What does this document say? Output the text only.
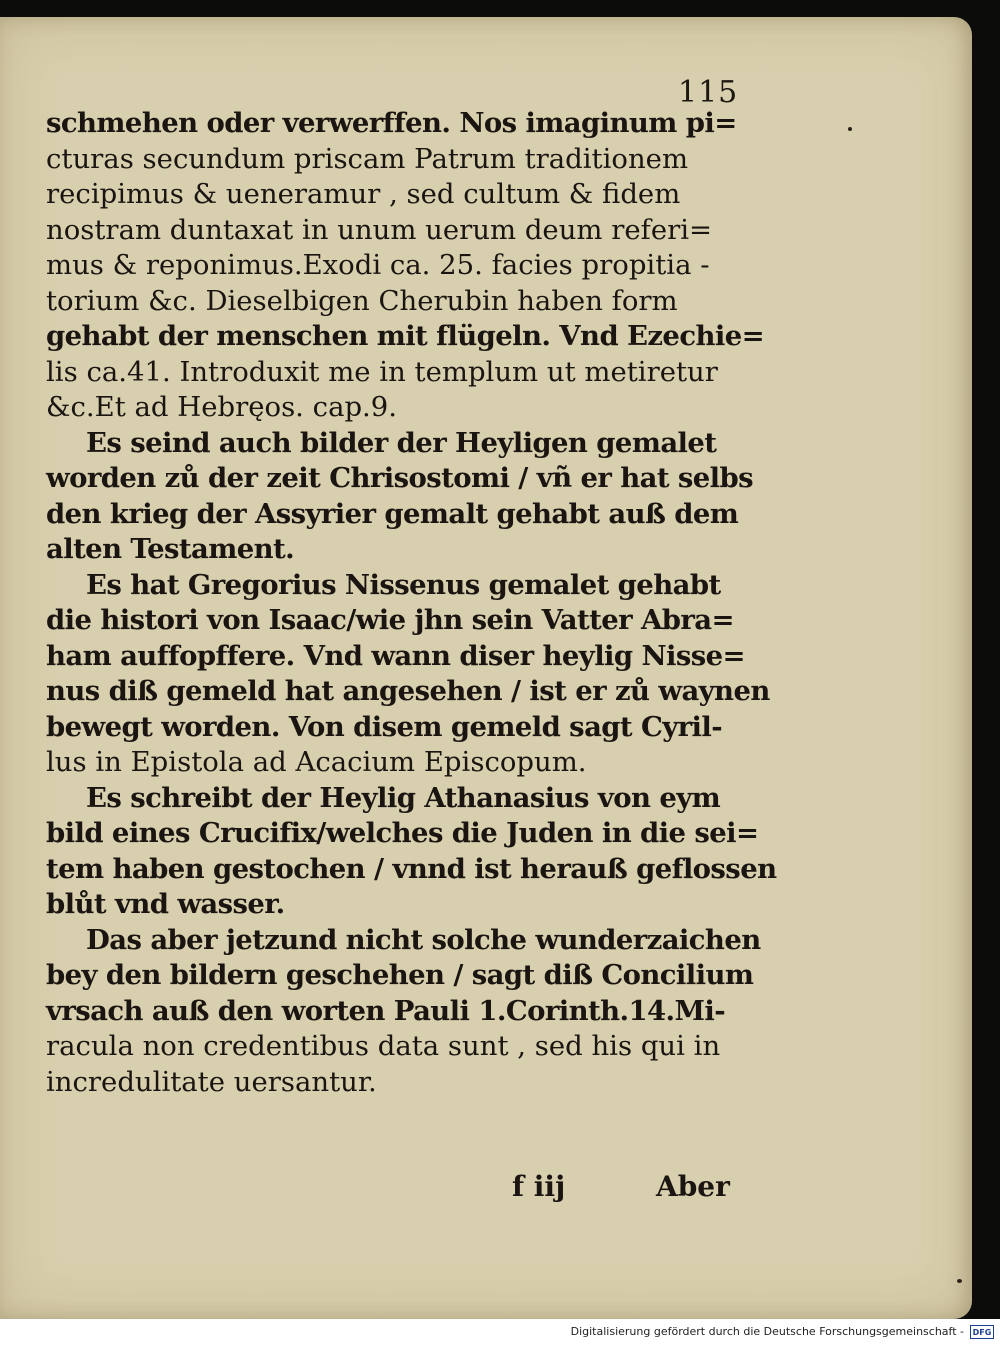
115
schmehen oder verwerffen. Nos imaginum pi=
cturas secundum priscam Patrum traditionem
recipimus & ueneramur , sed cultum & fidem
nostram duntaxat in unum uerum deum referi=
mus & reponimus.Exodi ca. 25. facies propitia -
torium &c. Dieselbigen Cherubin haben form
gehabt der menschen mit flügeln. Vnd Ezechie=
lis ca.41. Introduxit me in templum ut metiretur
&c.Et ad Hebręos. cap.9.
Es seind auch bilder der Heyligen gemalet
worden zů der zeit Chrisostomi / vñ er hat selbs
den krieg der Assyrier gemalt gehabt auß dem
alten Testament.
Es hat Gregorius Nissenus gemalet gehabt
die histori von Isaac/wie jhn sein Vatter Abra=
ham auffopffere. Vnd wann diser heylig Nisse=
nus diß gemeld hat angesehen / ist er zů waynen
bewegt worden. Von disem gemeld sagt Cyril-
lus in Epistola ad Acacium Episcopum.
Es schreibt der Heylig Athanasius von eym
bild eines Crucifix/welches die Juden in die sei=
tem haben gestochen / vnnd ist herauß geflossen
blůt vnd wasser.
Das aber jetzund nicht solche wunderzaichen
bey den bildern geschehen / sagt diß Concilium
vrsach auß den worten Pauli 1.Corinth.14.Mi-
racula non credentibus data sunt , sed his qui in
incredulitate uersantur.
f iij	Aber
Digitalisierung gefördert durch die Deutsche Forschungsgemeinschaft -	DFG
